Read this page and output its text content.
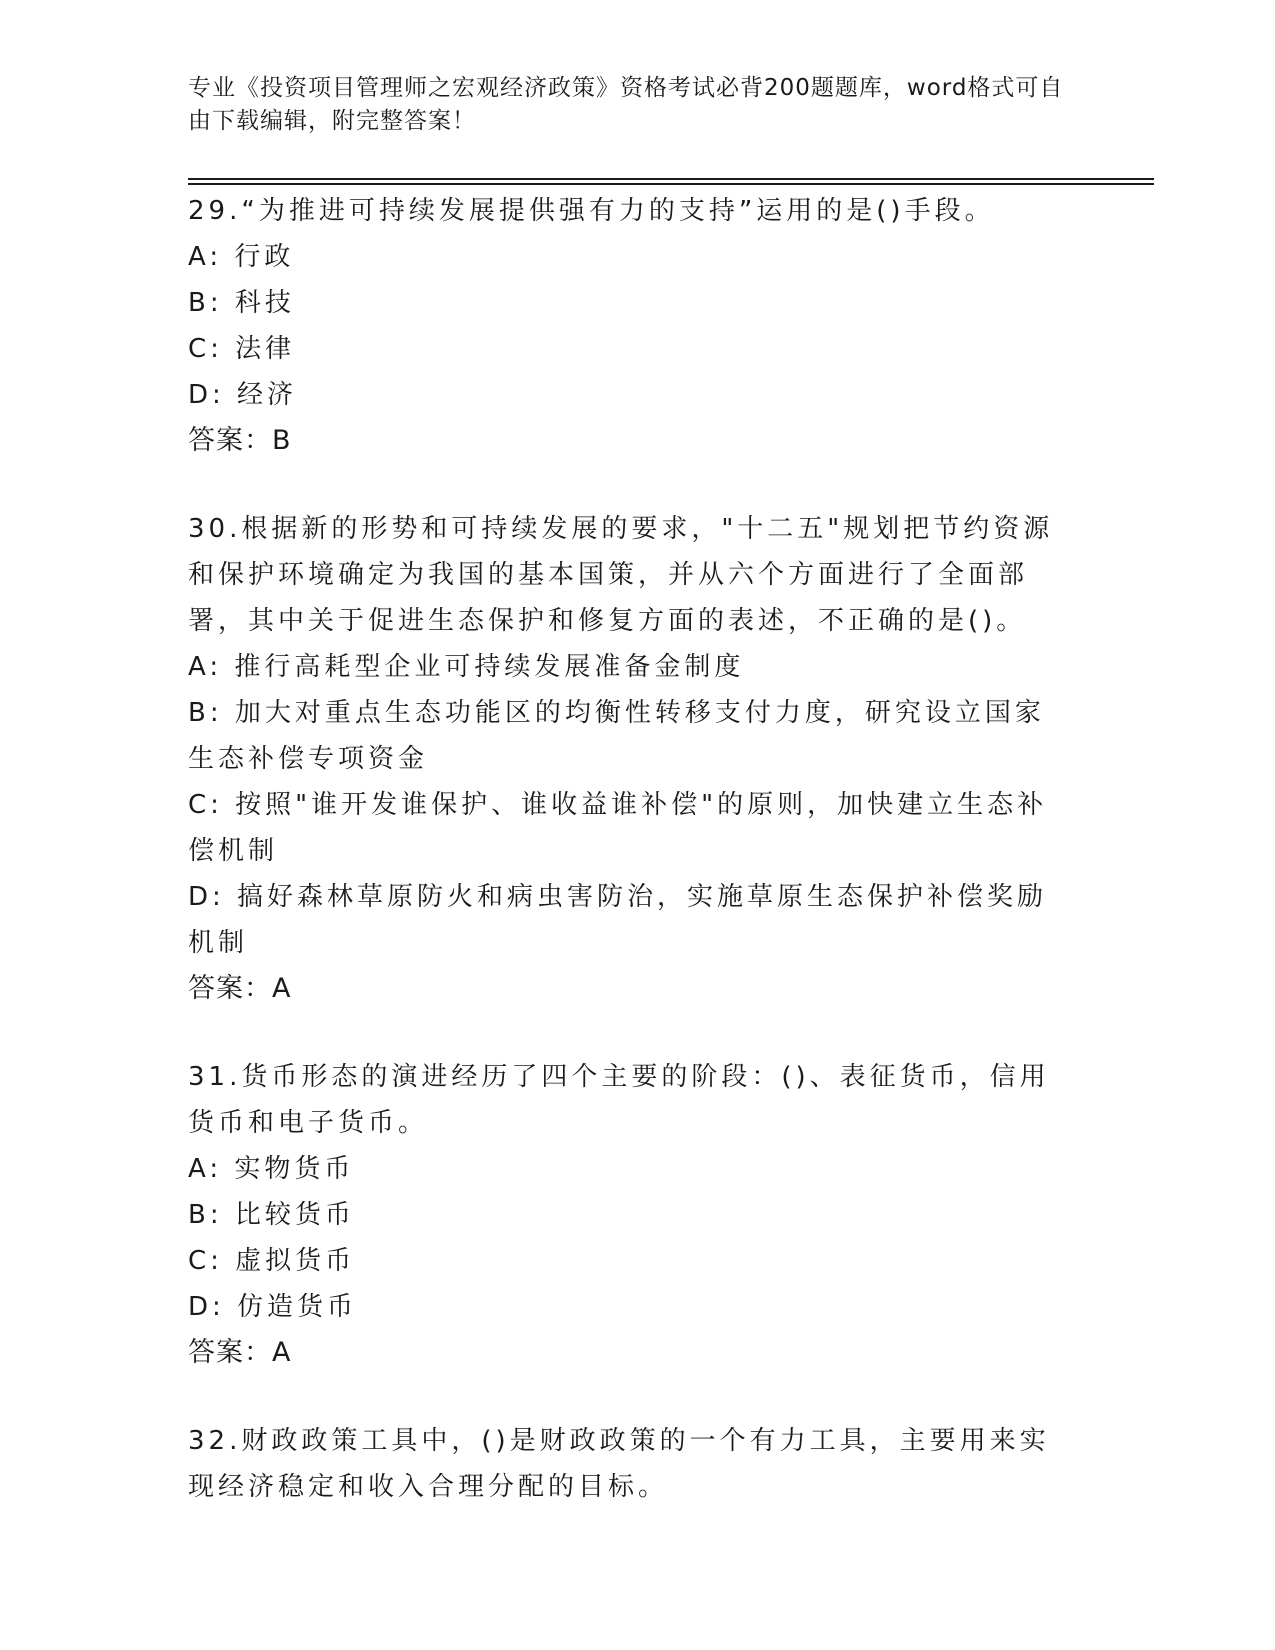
专业《投资项目管理师之宏观经济政策》资格考试必背200题题库，word格式可自由下载编辑，附完整答案！

29.“为推进可持续发展提供强有力的支持”运用的是()手段。

A: 行政

B: 科技

C: 法律

D: 经济

答案：B

30.根据新的形势和可持续发展的要求，"十二五"规划把节约资源和保护环境确定为我国的基本国策，并从六个方面进行了全面部署，其中关于促进生态保护和修复方面的表述，不正确的是()。

A: 推行高耗型企业可持续发展准备金制度

B: 加大对重点生态功能区的均衡性转移支付力度，研究设立国家生态补偿专项资金

C: 按照"谁开发谁保护、谁收益谁补偿"的原则，加快建立生态补偿机制

D: 搞好森林草原防火和病虫害防治，实施草原生态保护补偿奖励机制

答案：A

31.货币形态的演进经历了四个主要的阶段：()、表征货币，信用货币和电子货币。

A: 实物货币

B: 比较货币

C: 虚拟货币

D: 仿造货币

答案：A

32.财政政策工具中，()是财政政策的一个有力工具，主要用来实现经济稳定和收入合理分配的目标。
